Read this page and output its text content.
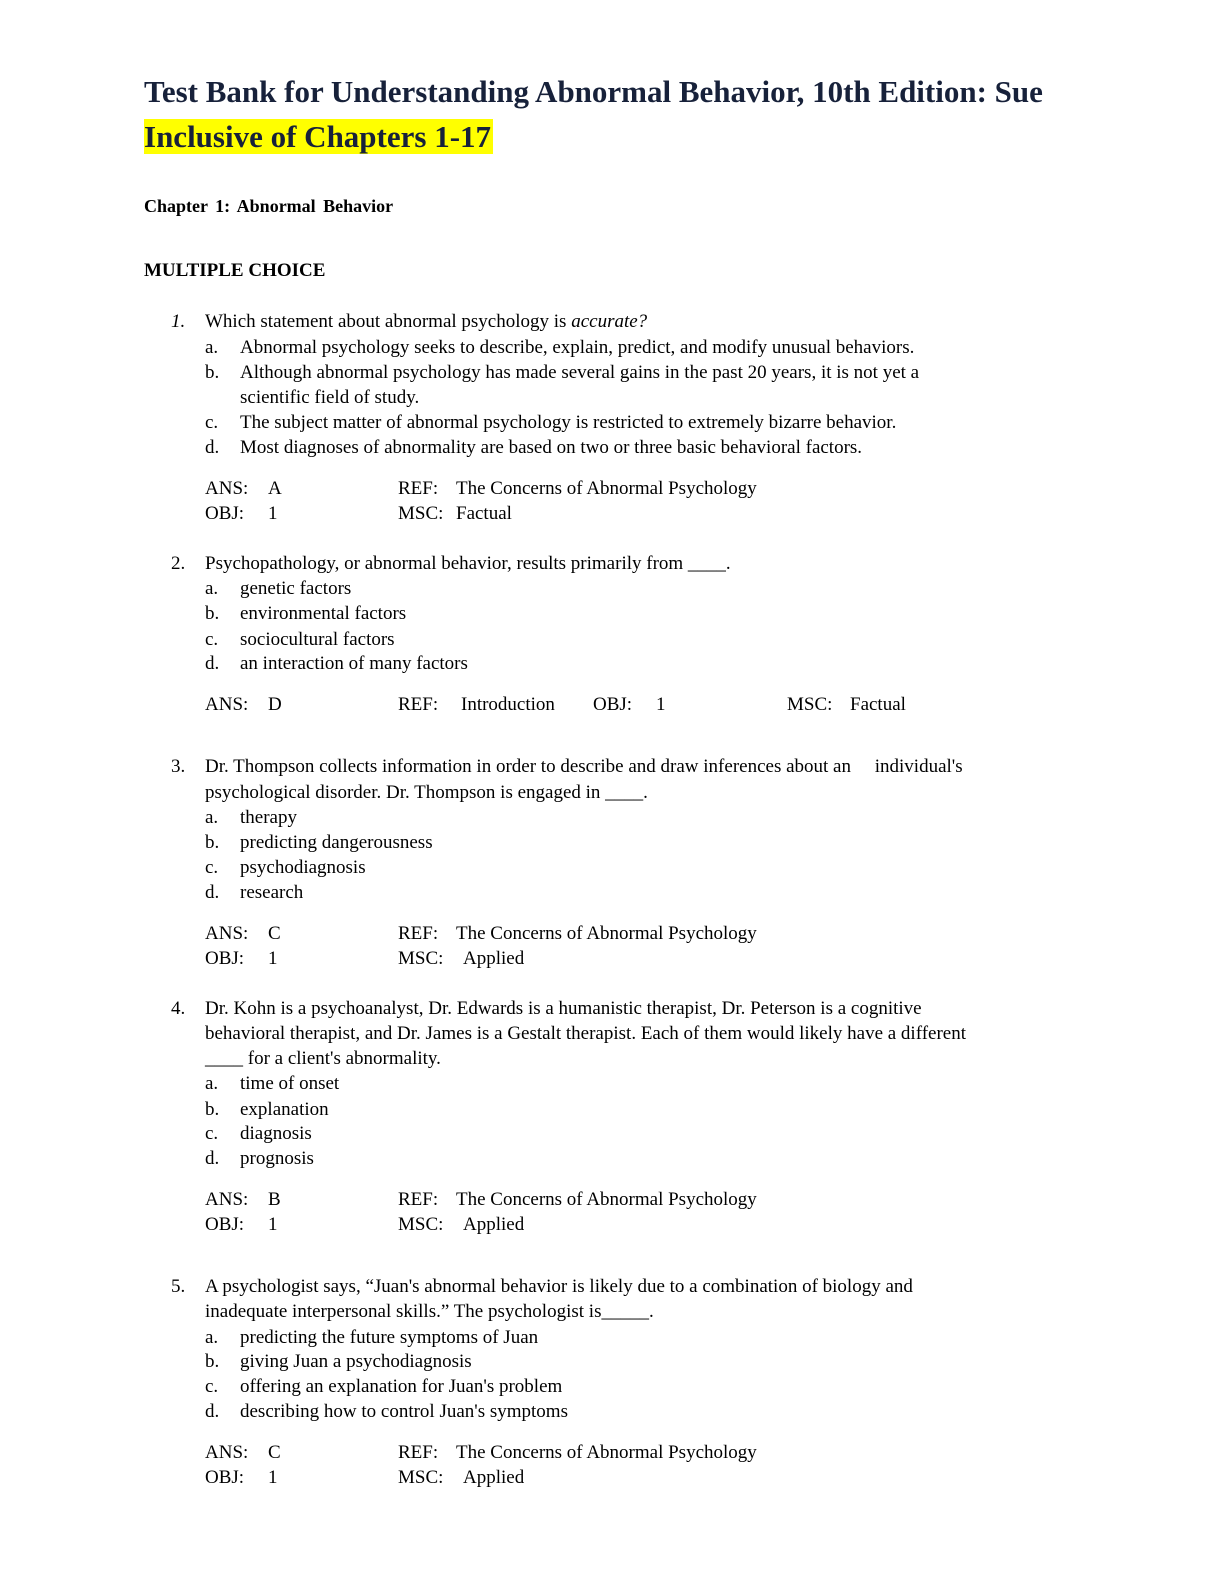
Test Bank for Understanding Abnormal Behavior, 10th Edition: Sue
Inclusive of Chapters 1-17
Chapter 1: Abnormal Behavior
MULTIPLE CHOICE
1. Which statement about abnormal psychology is accurate?
a. Abnormal psychology seeks to describe, explain, predict, and modify unusual behaviors.
b. Although abnormal psychology has made several gains in the past 20 years, it is not yet a
scientific field of study.
c. The subject matter of abnormal psychology is restricted to extremely bizarre behavior.
d. Most diagnoses of abnormality are based on two or three basic behavioral factors.
ANS: A	REF: The Concerns of Abnormal Psychology
OBJ: 1	MSC: Factual
2. Psychopathology, or abnormal behavior, results primarily from ____.
a. genetic factors
b. environmental factors
c. sociocultural factors
d. an interaction of many factors
ANS: D	REF: Introduction OBJ: 1	MSC: Factual
3. Dr. Thompson collects information in order to describe and draw inferences about an     individual's
psychological disorder. Dr. Thompson is engaged in ____.
a. therapy
b. predicting dangerousness
c. psychodiagnosis
d. research
ANS: C	REF: The Concerns of Abnormal Psychology
OBJ: 1	MSC: Applied
4. Dr. Kohn is a psychoanalyst, Dr. Edwards is a humanistic therapist, Dr. Peterson is a cognitive
behavioral therapist, and Dr. James is a Gestalt therapist. Each of them would likely have a different
____ for a client's abnormality.
a. time of onset
b. explanation
c. diagnosis
d. prognosis
ANS: B	REF: The Concerns of Abnormal Psychology
OBJ: 1	MSC: Applied
5. A psychologist says, “Juan's abnormal behavior is likely due to a combination of biology and
inadequate interpersonal skills.” The psychologist is_____.
a. predicting the future symptoms of Juan
b. giving Juan a psychodiagnosis
c. offering an explanation for Juan's problem
d. describing how to control Juan's symptoms
ANS: C	REF: The Concerns of Abnormal Psychology
OBJ: 1	MSC: Applied
